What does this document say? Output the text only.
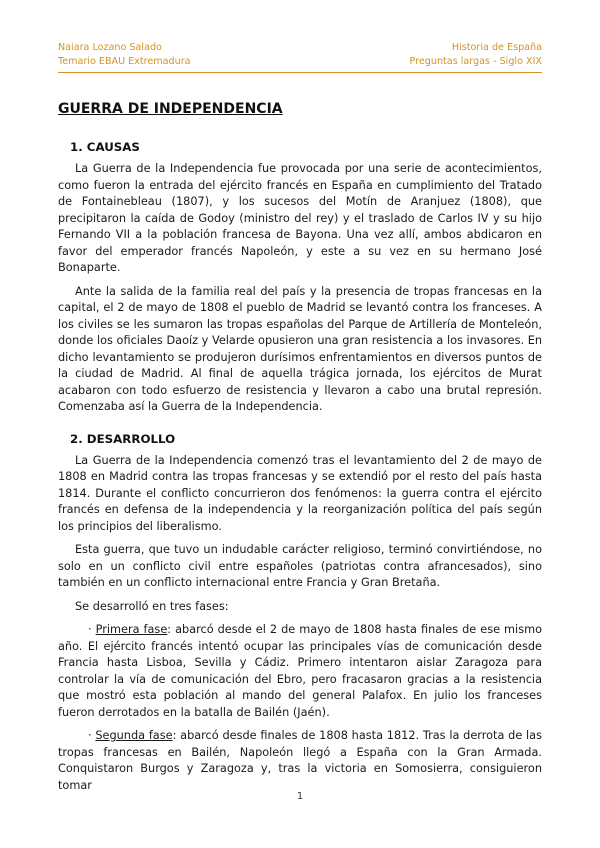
Naiara Lozano Salado
Temario EBAU Extremadura
Historia de España
Preguntas largas - Siglo XIX
GUERRA DE INDEPENDENCIA
1. CAUSAS

La Guerra de la Independencia fue provocada por una serie de acontecimientos, como fueron la entrada del ejército francés en España en cumplimiento del Tratado de Fontainebleau (1807), y los sucesos del Motín de Aranjuez (1808), que precipitaron la caída de Godoy (ministro del rey) y el traslado de Carlos IV y su hijo Fernando VII a la población francesa de Bayona. Una vez allí, ambos abdicaron en favor del emperador francés Napoleón, y este a su vez en su hermano José Bonaparte.

Ante la salida de la familia real del país y la presencia de tropas francesas en la capital, el 2 de mayo de 1808 el pueblo de Madrid se levantó contra los franceses. A los civiles se les sumaron las tropas españolas del Parque de Artillería de Monteleón, donde los oficiales Daoíz y Velarde opusieron una gran resistencia a los invasores. En dicho levantamiento se produjeron durísimos enfrentamientos en diversos puntos de la ciudad de Madrid. Al final de aquella trágica jornada, los ejércitos de Murat acabaron con todo esfuerzo de resistencia y llevaron a cabo una brutal represión. Comenzaba así la Guerra de la Independencia.

2. DESARROLLO

La Guerra de la Independencia comenzó tras el levantamiento del 2 de mayo de 1808 en Madrid contra las tropas francesas y se extendió por el resto del país hasta 1814. Durante el conflicto concurrieron dos fenómenos: la guerra contra el ejército francés en defensa de la independencia y la reorganización política del país según los principios del liberalismo.

Esta guerra, que tuvo un indudable carácter religioso, terminó convirtiéndose, no solo en un conflicto civil entre españoles (patriotas contra afrancesados), sino también en un conflicto internacional entre Francia y Gran Bretaña.

Se desarrolló en tres fases:

· Primera fase: abarcó desde el 2 de mayo de 1808 hasta finales de ese mismo año. El ejército francés intentó ocupar las principales vías de comunicación desde Francia hasta Lisboa, Sevilla y Cádiz. Primero intentaron aislar Zaragoza para controlar la vía de comunicación del Ebro, pero fracasaron gracias a la resistencia que mostró esta población al mando del general Palafox. En julio los franceses fueron derrotados en la batalla de Bailén (Jaén).

· Segunda fase: abarcó desde finales de 1808 hasta 1812. Tras la derrota de las tropas francesas en Bailén, Napoleón llegó a España con la Gran Armada. Conquistaron Burgos y Zaragoza y, tras la victoria en Somosierra, consiguieron tomar

1
